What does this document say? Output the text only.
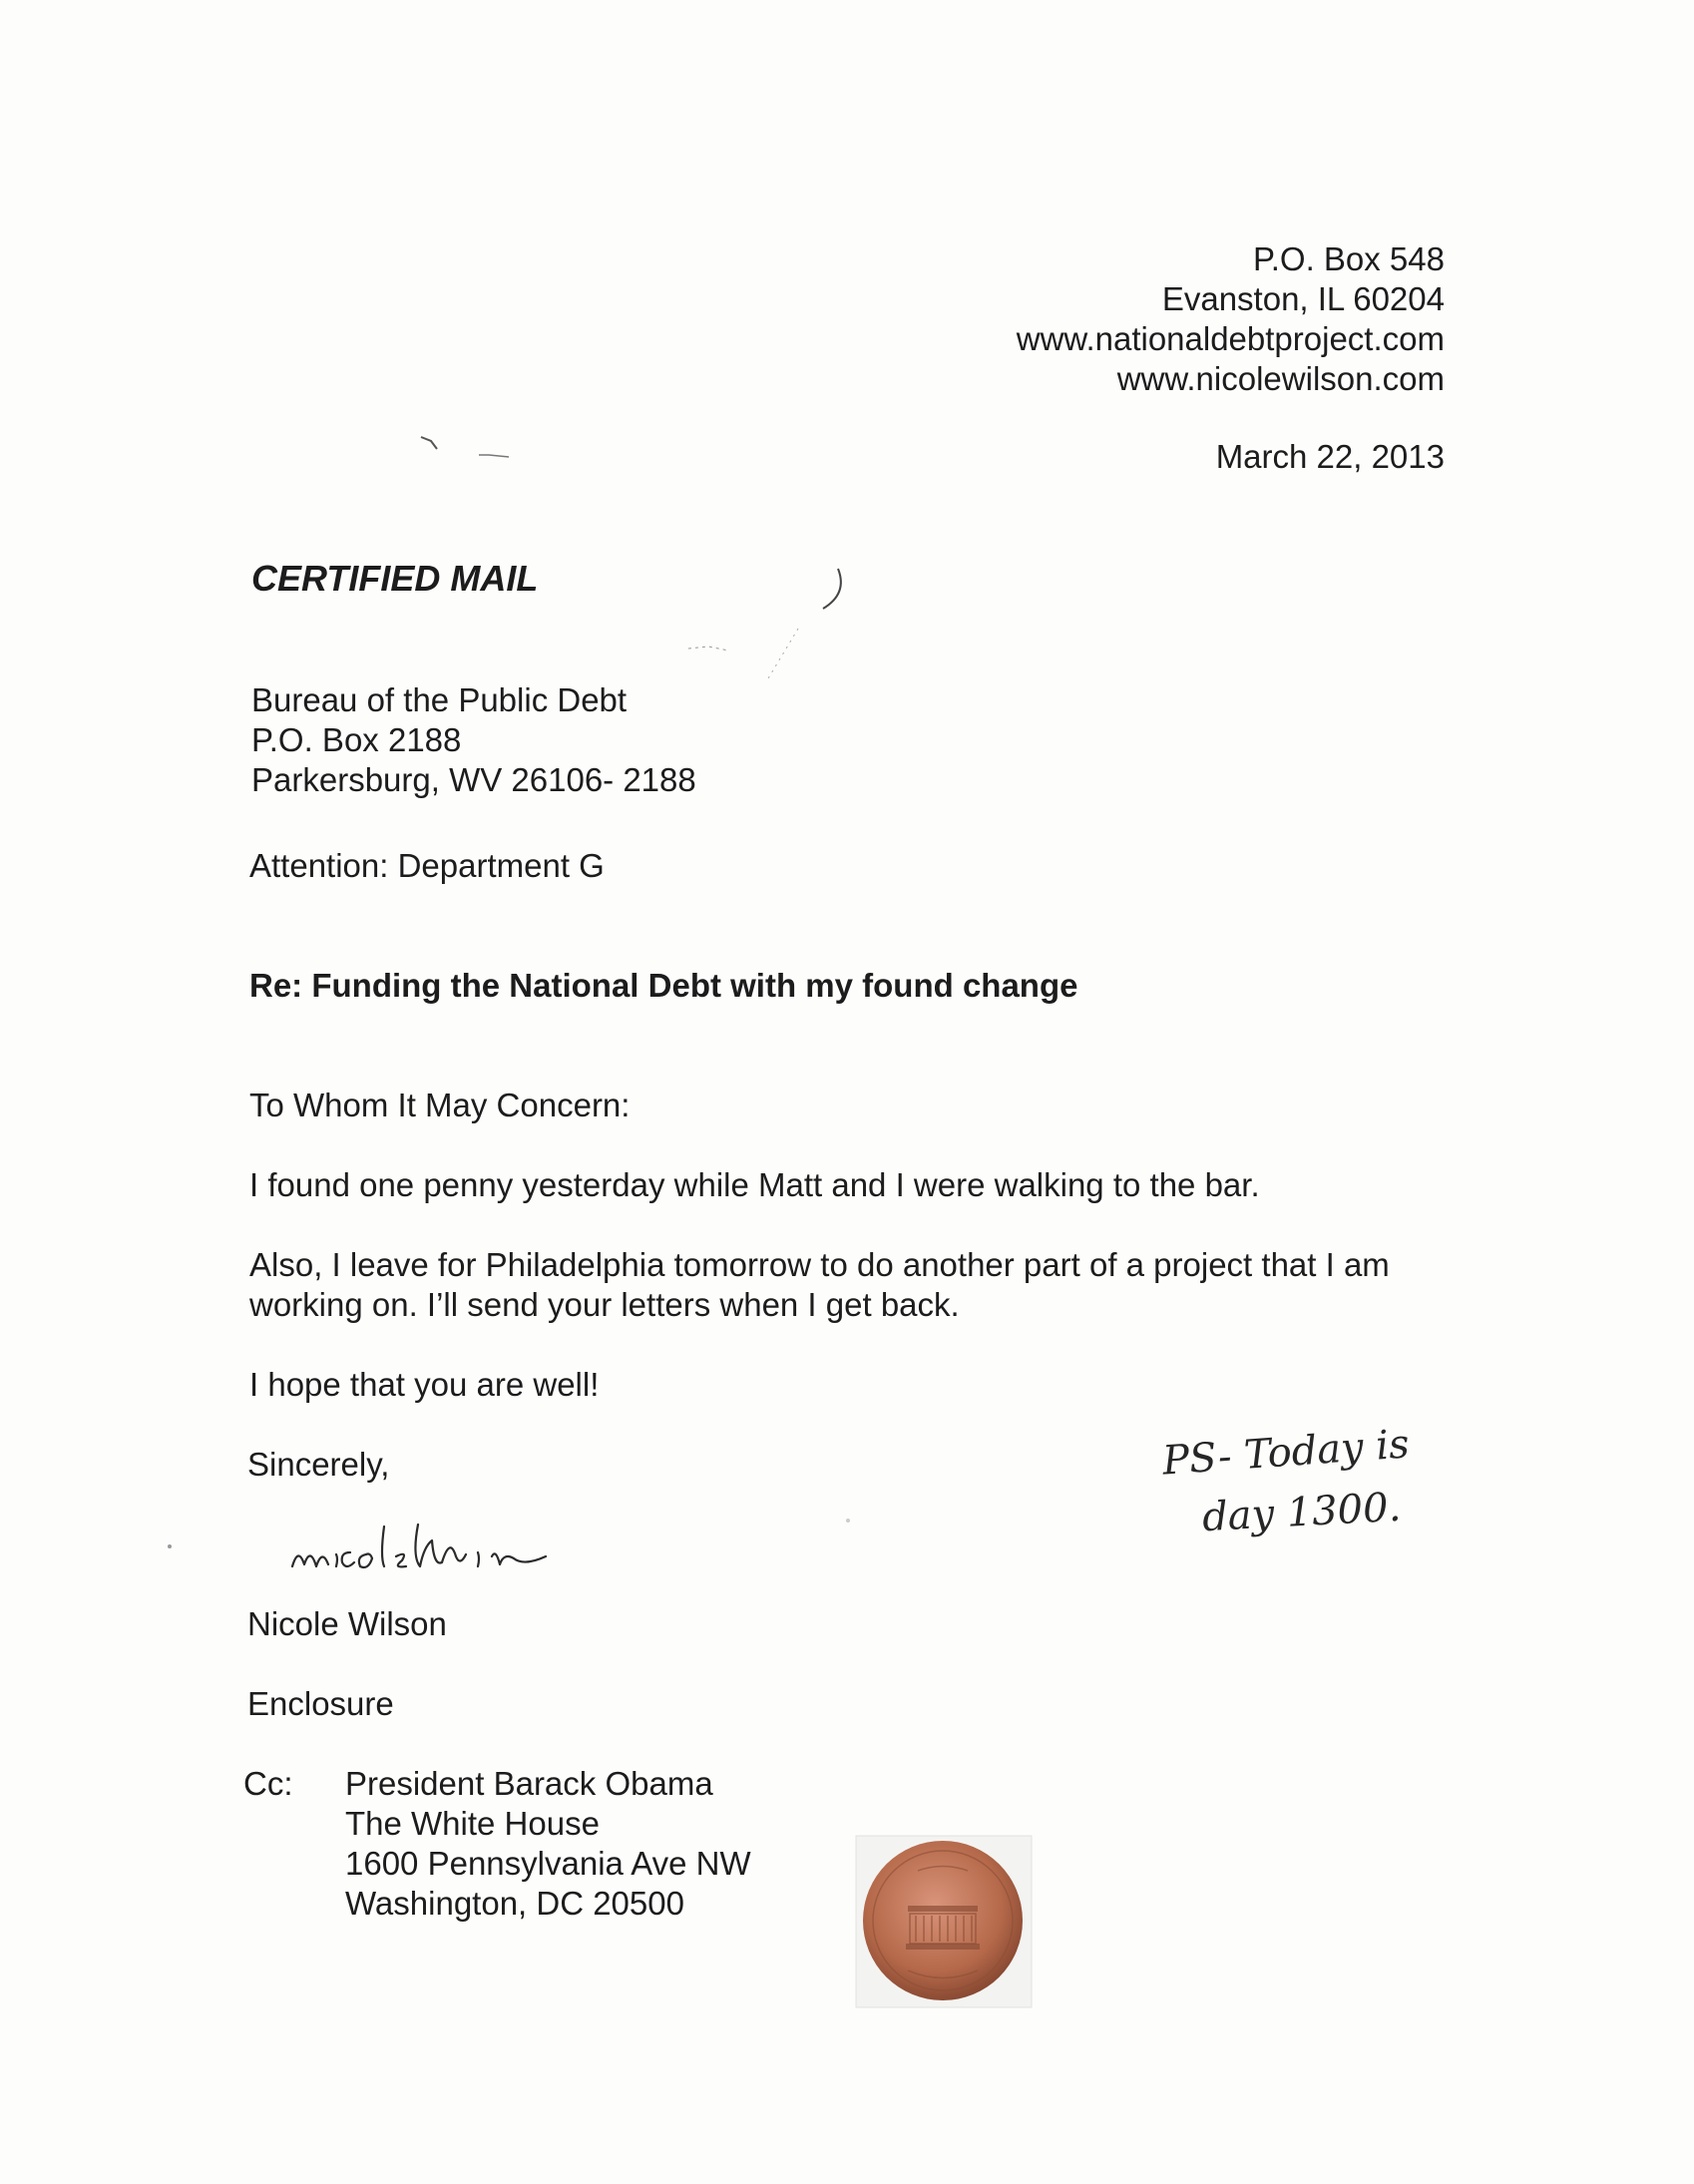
P.O. Box 548
Evanston, IL 60204
www.nationaldebtproject.com
www.nicolewilson.com
March 22, 2013
CERTIFIED MAIL
Bureau of the Public Debt
P.O. Box 2188
Parkersburg, WV 26106- 2188
Attention: Department G
Re: Funding the National Debt with my found change
To Whom It May Concern:
I found one penny yesterday while Matt and I were walking to the bar.
Also, I leave for Philadelphia tomorrow to do another part of a project that I am
working on. I’ll send your letters when I get back.
I hope that you are well!
Sincerely,
Nicole Wilson
Enclosure
Cc: President Barack Obama
The White House
1600 Pennsylvania Ave NW
Washington, DC 20500
PS- Today is
day 1300.
